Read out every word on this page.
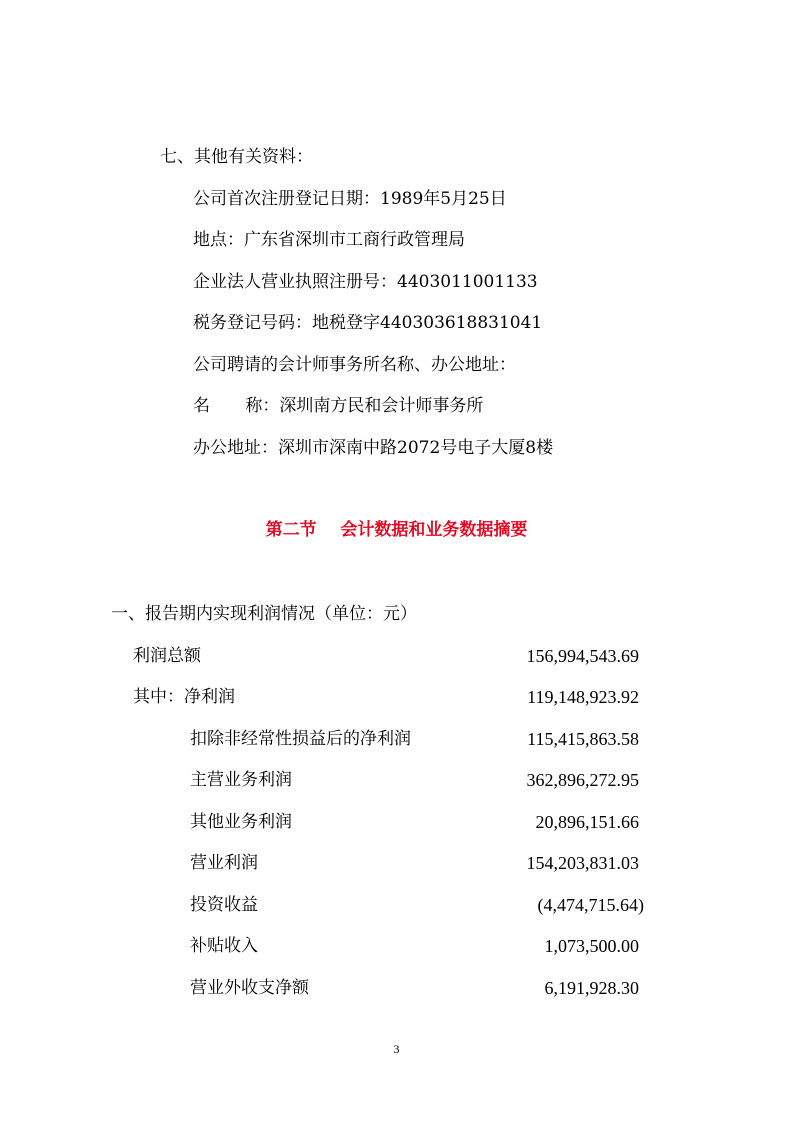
七、其他有关资料：
公司首次注册登记日期：1989年5月25日
地点：广东省深圳市工商行政管理局
企业法人营业执照注册号：4403011001133
税务登记号码：地税登字440303618831041
公司聘请的会计师事务所名称、办公地址：
名 称：深圳南方民和会计师事务所
办公地址：深圳市深南中路2072号电子大厦8楼
第二节    会计数据和业务数据摘要
一、报告期内实现利润情况（单位：元）
利润总额	156,994,543.69
其中：净利润	119,148,923.92
扣除非经常性损益后的净利润	115,415,863.58
主营业务利润	362,896,272.95
其他业务利润	20,896,151.66
营业利润	154,203,831.03
投资收益	(4,474,715.64)
补贴收入	1,073,500.00
营业外收支净额	6,191,928.30
3
